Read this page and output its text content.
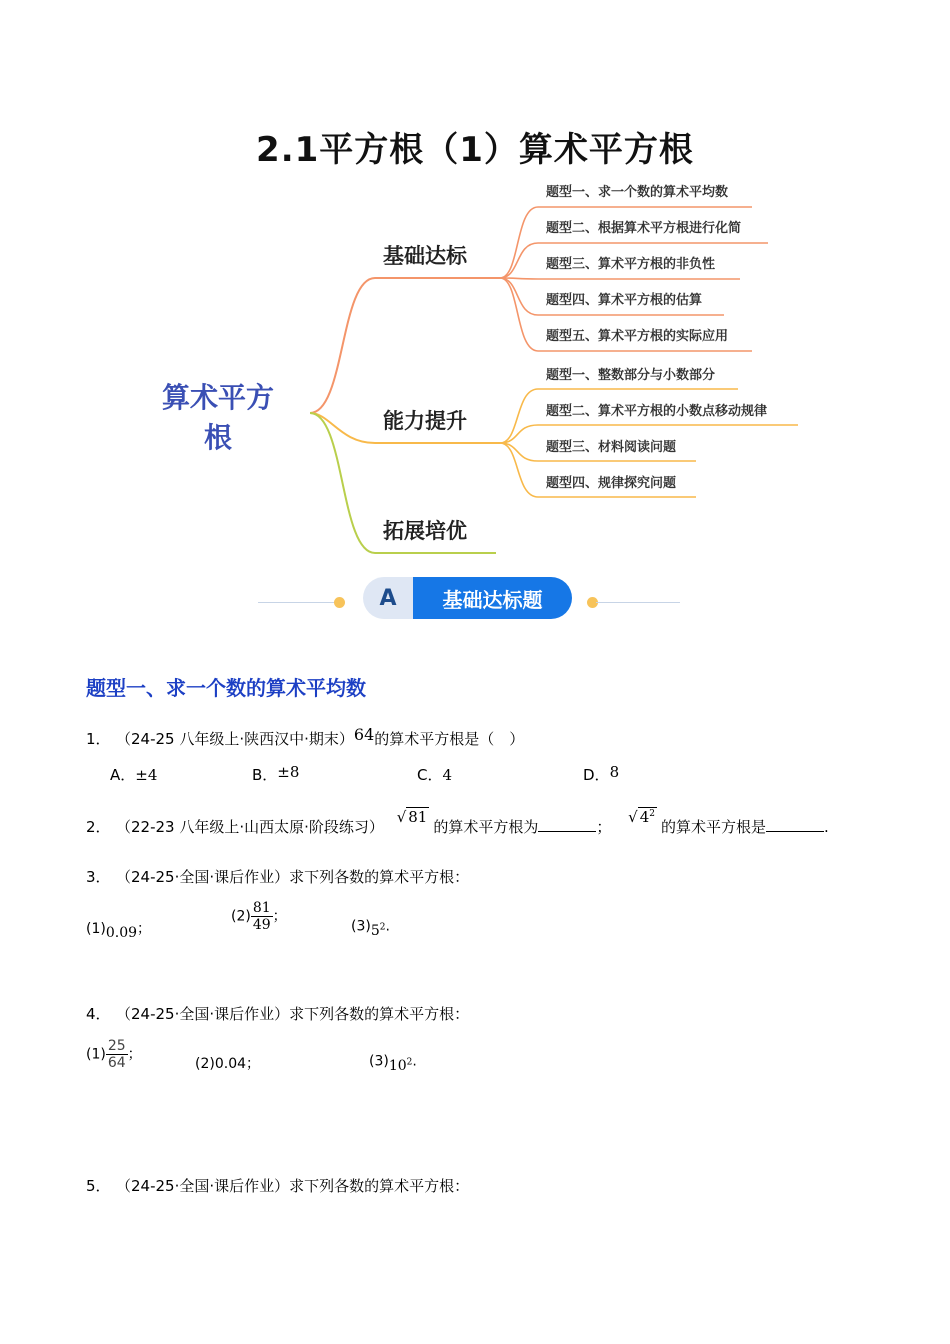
2.1平方根（1）算术平方根
算术平方
根
基础达标
题型一、求一个数的算术平均数
题型二、根据算术平方根进行化简
题型三、算术平方根的非负性
题型四、算术平方根的估算
题型五、算术平方根的实际应用
能力提升
题型一、整数部分与小数部分
题型二、算术平方根的小数点移动规律
题型三、材料阅读问题
题型四、规律探究问题
拓展培优
A	基础达标题
题型一、求一个数的算术平均数
1． （24-25 八年级上·陕西汉中·期末）64的算术平方根是（　）
A．±4	B．±8	C．4	D．8
2． （22-23 八年级上·山西太原·阶段练习） √ 81的算术平方根为	； √ $4^2$的算术平方根是	.
3． （24-25·全国·课后作业）求下列各数的算术平方根：
(1)0.09；
$(2) \frac{81}{49}$ ；
$(3)5^2$.
4． （24-25·全国·课后作业）求下列各数的算术平方根：
$(1) \frac{25}{64}$ ；
(2)0.04；	$(3)10^2$.
5． （24-25·全国·课后作业）求下列各数的算术平方根：
